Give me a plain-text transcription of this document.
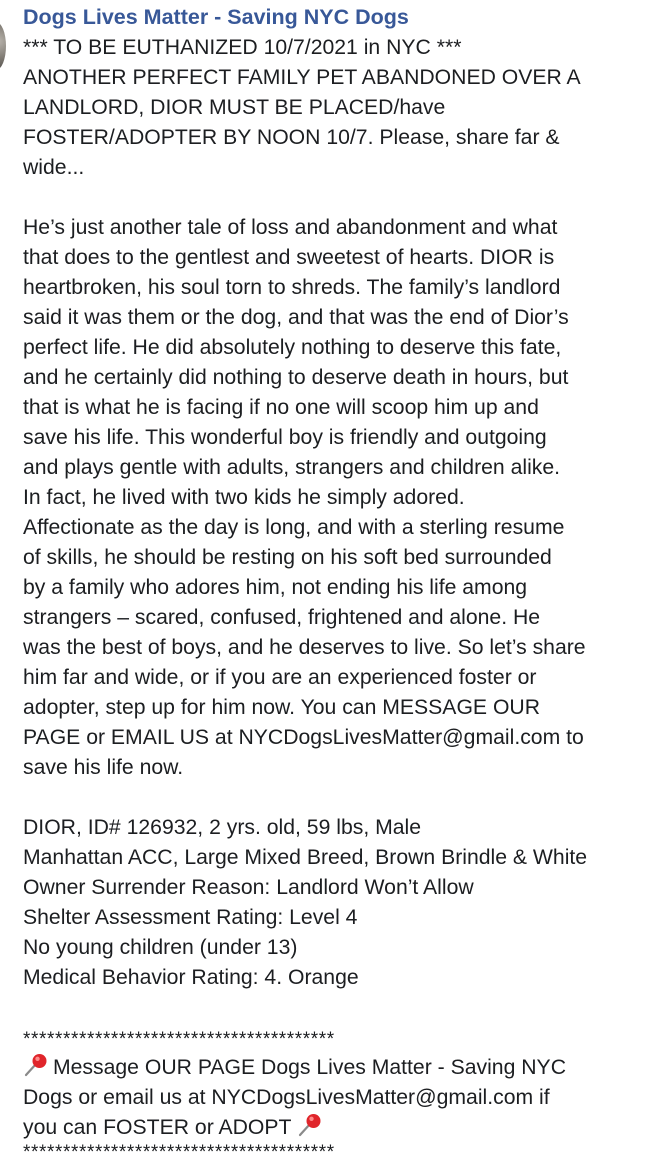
Dogs Lives Matter - Saving NYC Dogs
*** TO BE EUTHANIZED 10/7/2021 in NYC ***
ANOTHER PERFECT FAMILY PET ABANDONED OVER A
LANDLORD, DIOR MUST BE PLACED/have
FOSTER/ADOPTER BY NOON 10/7. Please, share far &
wide...
He’s just another tale of loss and abandonment and what
that does to the gentlest and sweetest of hearts. DIOR is
heartbroken, his soul torn to shreds. The family’s landlord
said it was them or the dog, and that was the end of Dior’s
perfect life. He did absolutely nothing to deserve this fate,
and he certainly did nothing to deserve death in hours, but
that is what he is facing if no one will scoop him up and
save his life. This wonderful boy is friendly and outgoing
and plays gentle with adults, strangers and children alike.
In fact, he lived with two kids he simply adored.
Affectionate as the day is long, and with a sterling resume
of skills, he should be resting on his soft bed surrounded
by a family who adores him, not ending his life among
strangers – scared, confused, frightened and alone. He
was the best of boys, and he deserves to live. So let’s share
him far and wide, or if you are an experienced foster or
adopter, step up for him now. You can MESSAGE OUR
PAGE or EMAIL US at NYCDogsLivesMatter@gmail.com to
save his life now.
DIOR, ID# 126932, 2 yrs. old, 59 lbs, Male
Manhattan ACC, Large Mixed Breed, Brown Brindle & White
Owner Surrender Reason: Landlord Won’t Allow
Shelter Assessment Rating: Level 4
No young children (under 13)
Medical Behavior Rating: 4. Orange
***************************************
Message OUR PAGE Dogs Lives Matter - Saving NYC
Dogs or email us at NYCDogsLivesMatter@gmail.com if
you can FOSTER or ADOPT
***************************************
